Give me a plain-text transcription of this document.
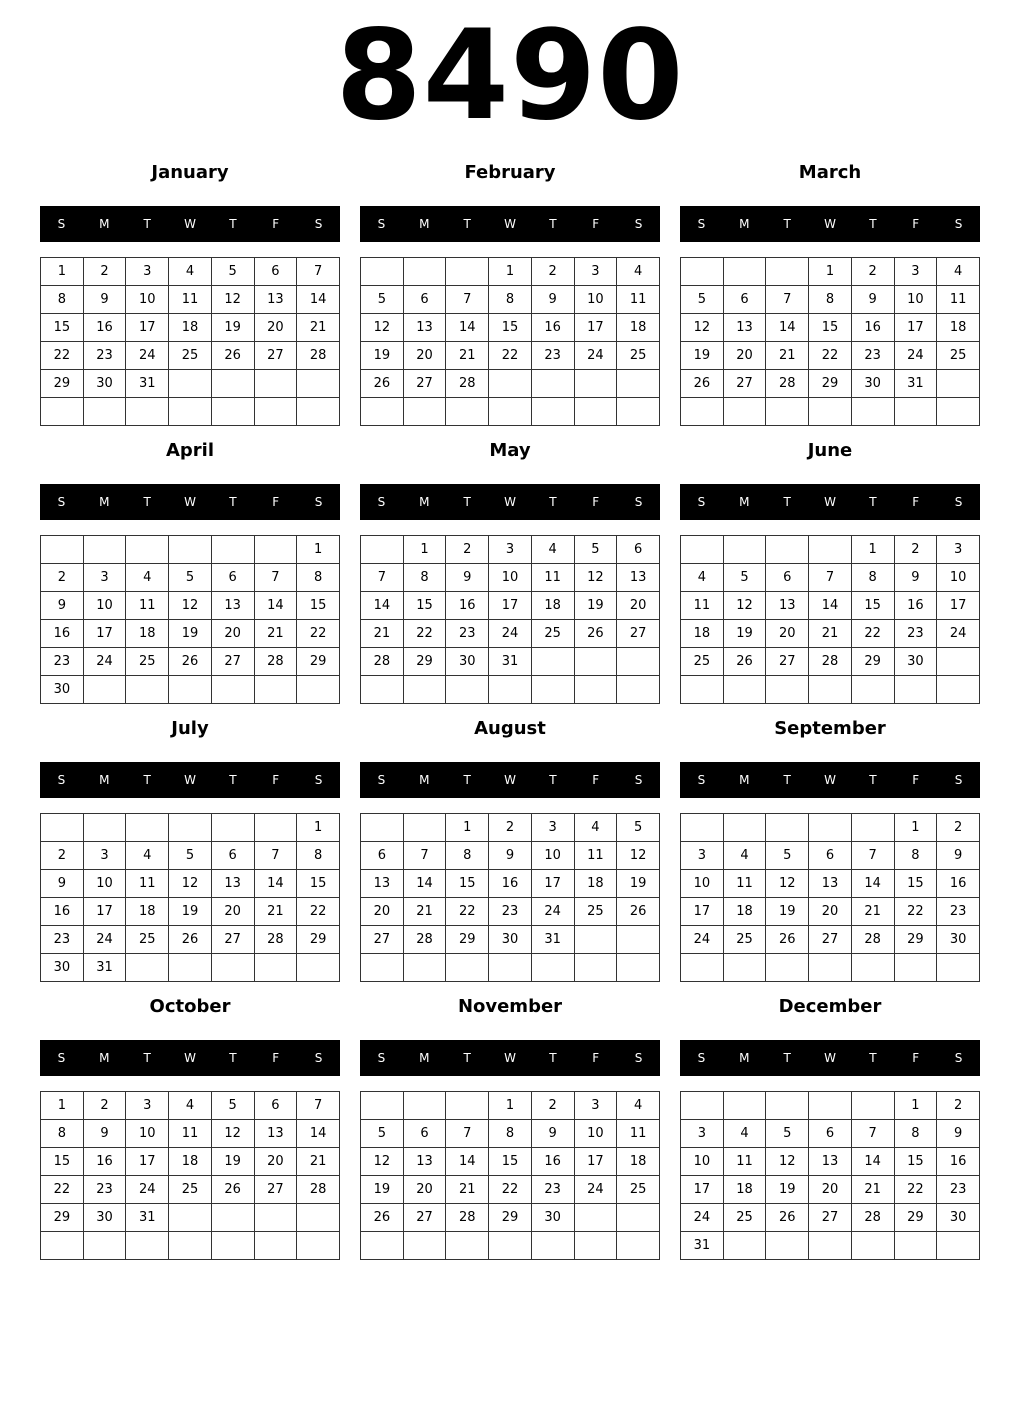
8490
January
S	M	T	W	T	F	S
1	2	3	4	5	6	7
8	9	10	11	12	13	14
15	16	17	18	19	20	21
22	23	24	25	26	27	28
29	30	31				

February
S	M	T	W	T	F	S
			1	2	3	4
5	6	7	8	9	10	11
12	13	14	15	16	17	18
19	20	21	22	23	24	25
26	27	28				

March
S	M	T	W	T	F	S
			1	2	3	4
5	6	7	8	9	10	11
12	13	14	15	16	17	18
19	20	21	22	23	24	25
26	27	28	29	30	31	

April
S	M	T	W	T	F	S
						1
2	3	4	5	6	7	8
9	10	11	12	13	14	15
16	17	18	19	20	21	22
23	24	25	26	27	28	29
30						
May
S	M	T	W	T	F	S
	1	2	3	4	5	6
7	8	9	10	11	12	13
14	15	16	17	18	19	20
21	22	23	24	25	26	27
28	29	30	31			

June
S	M	T	W	T	F	S
				1	2	3
4	5	6	7	8	9	10
11	12	13	14	15	16	17
18	19	20	21	22	23	24
25	26	27	28	29	30	

July
S	M	T	W	T	F	S
						1
2	3	4	5	6	7	8
9	10	11	12	13	14	15
16	17	18	19	20	21	22
23	24	25	26	27	28	29
30	31					
August
S	M	T	W	T	F	S
		1	2	3	4	5
6	7	8	9	10	11	12
13	14	15	16	17	18	19
20	21	22	23	24	25	26
27	28	29	30	31		

September
S	M	T	W	T	F	S
					1	2
3	4	5	6	7	8	9
10	11	12	13	14	15	16
17	18	19	20	21	22	23
24	25	26	27	28	29	30

October
S	M	T	W	T	F	S
1	2	3	4	5	6	7
8	9	10	11	12	13	14
15	16	17	18	19	20	21
22	23	24	25	26	27	28
29	30	31				

November
S	M	T	W	T	F	S
			1	2	3	4
5	6	7	8	9	10	11
12	13	14	15	16	17	18
19	20	21	22	23	24	25
26	27	28	29	30		

December
S	M	T	W	T	F	S
					1	2
3	4	5	6	7	8	9
10	11	12	13	14	15	16
17	18	19	20	21	22	23
24	25	26	27	28	29	30
31						
